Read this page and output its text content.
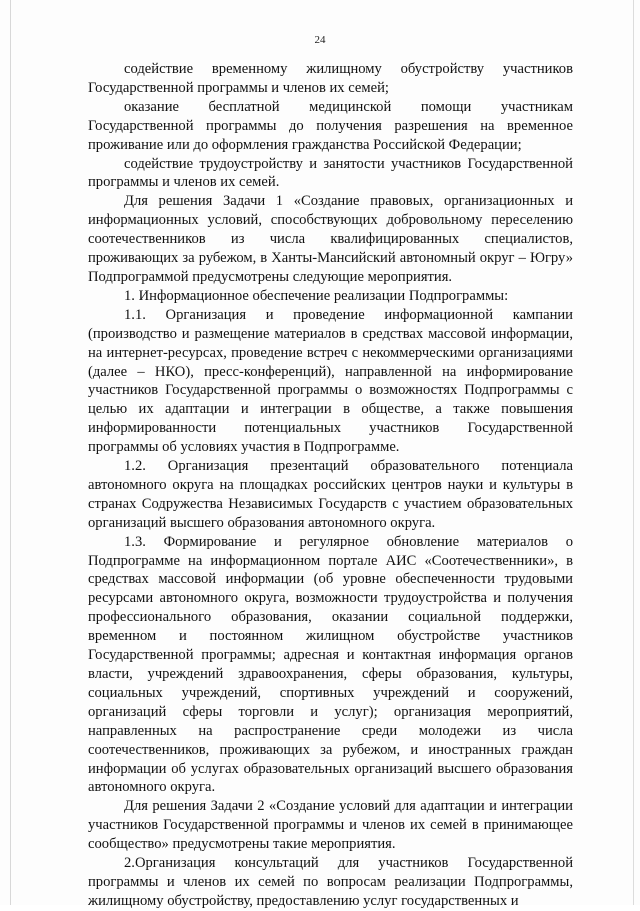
24

содействие временному жилищному обустройству участников Государственной программы и членов их семей;

оказание бесплатной медицинской помощи участникам Государственной программы до получения разрешения на временное проживание или до оформления гражданства Российской Федерации;

содействие трудоустройству и занятости участников Государственной программы и членов их семей.

Для решения Задачи 1 «Создание правовых, организационных и информационных условий, способствующих добровольному переселению соотечественников из числа квалифицированных специалистов, проживающих за рубежом, в Ханты-Мансийский автономный округ – Югру» Подпрограммой предусмотрены следующие мероприятия.

1. Информационное обеспечение реализации Подпрограммы:

1.1. Организация и проведение информационной кампании (производство и размещение материалов в средствах массовой информации, на интернет-ресурсах, проведение встреч с некоммерческими организациями (далее – НКО), пресс-конференций), направленной на информирование участников Государственной программы о возможностях Подпрограммы с целью их адаптации и интеграции в обществе, а также повышения информированности потенциальных участников Государственной программы об условиях участия в Подпрограмме.

1.2. Организация презентаций образовательного потенциала автономного округа на площадках российских центров науки и культуры в странах Содружества Независимых Государств с участием образовательных организаций высшего образования автономного округа.

1.3. Формирование и регулярное обновление материалов о Подпрограмме на информационном портале АИС «Соотечественники», в средствах массовой информации (об уровне обеспеченности трудовыми ресурсами автономного округа, возможности трудоустройства и получения профессионального образования, оказании социальной поддержки, временном и постоянном жилищном обустройстве участников Государственной программы; адресная и контактная информация органов власти, учреждений здравоохранения, сферы образования, культуры, социальных учреждений, спортивных учреждений и сооружений, организаций сферы торговли и услуг); организация мероприятий, направленных на распространение среди молодежи из числа соотечественников, проживающих за рубежом, и иностранных граждан информации об услугах образовательных организаций высшего образования автономного округа.

Для решения Задачи 2 «Создание условий для адаптации и интеграции участников Государственной программы и членов их семей в принимающее сообщество» предусмотрены такие мероприятия.

2.Организация консультаций для участников Государственной программы и членов их семей по вопросам реализации Подпрограммы, жилищному обустройству, предоставлению услуг государственных и
